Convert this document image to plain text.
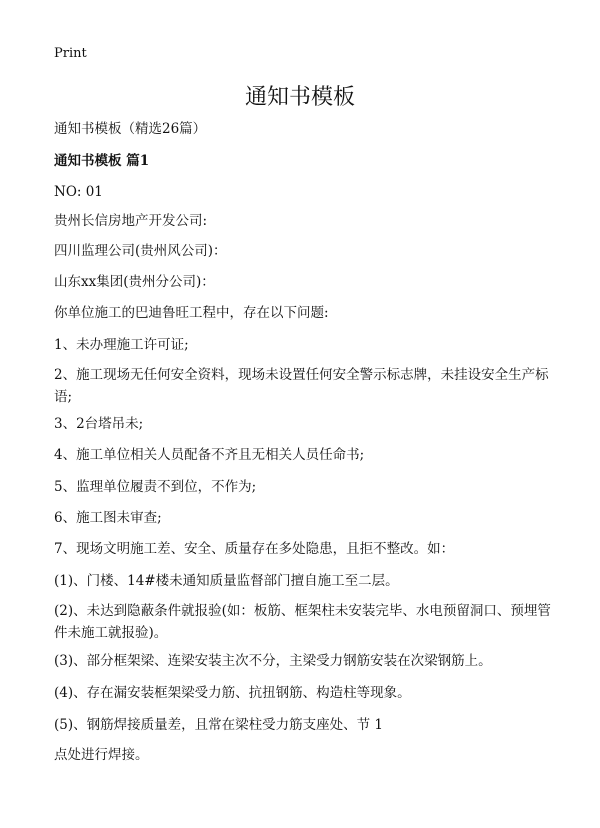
Print
通知书模板
通知书模板（精选26篇）
通知书模板 篇1
NO: 01
贵州长信房地产开发公司:
四川监理公司(贵州风公司)：
山东xx集团(贵州分公司)：
你单位施工的巴迪鲁旺工程中，存在以下问题:
1、未办理施工许可证;
2、施工现场无任何安全资料，现场未设置任何安全警示标志牌，未挂设安全生产标语;
3、2台塔吊未;
4、施工单位相关人员配备不齐且无相关人员任命书;
5、监理单位履责不到位，不作为;
6、施工图未审查;
7、现场文明施工差、安全、质量存在多处隐患，且拒不整改。如：
(1)、门楼、14#楼未通知质量监督部门擅自施工至二层。
(2)、未达到隐蔽条件就报验(如：板筋、框架柱未安装完毕、水电预留洞口、预埋管件未施工就报验)。
(3)、部分框架梁、连梁安装主次不分，主梁受力钢筋安装在次梁钢筋上。
(4)、存在漏安装框架梁受力筋、抗扭钢筋、构造柱等现象。
(5)、钢筋焊接质量差，且常在梁柱受力筋支座处、节 1
点处进行焊接。
